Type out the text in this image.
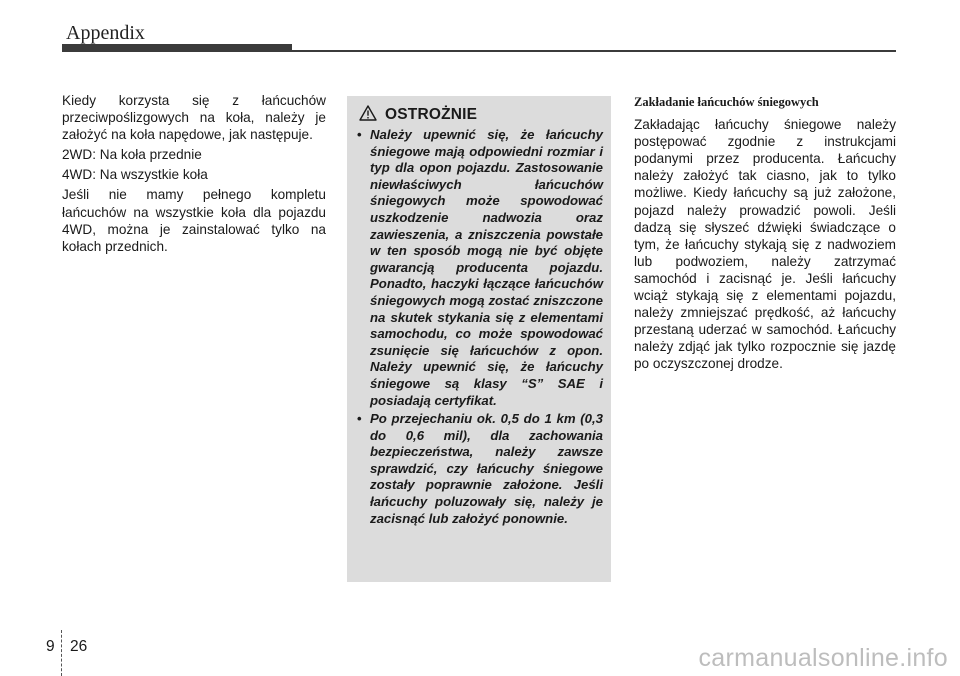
Appendix

Kiedy korzysta się z łańcuchów przeciwpoślizgowych na koła, należy je założyć na koła napędowe, jak następuje.

2WD: Na koła przednie

4WD: Na wszystkie koła

Jeśli nie mamy pełnego kompletu łańcuchów na wszystkie koła dla pojazdu 4WD, można je zainstalować tylko na kołach przednich.

OSTROŻNIE
• Należy upewnić się, że łańcuchy śniegowe mają odpowiedni rozmiar i typ dla opon pojazdu. Zastosowanie niewłaściwych łańcuchów śniegowych może spowodować uszkodzenie nadwozia oraz zawieszenia, a zniszczenia powstałe w ten sposób mogą nie być objęte gwarancją producenta pojazdu. Ponadto, haczyki łączące łańcuchów śniegowych mogą zostać zniszczone na skutek stykania się z elementami samochodu, co może spowodować zsunięcie się łańcuchów z opon. Należy upewnić się, że łańcuchy śniegowe są klasy “S” SAE i posiadają certyfikat.
• Po przejechaniu ok. 0,5 do 1 km (0,3 do 0,6 mil), dla zachowania bezpieczeństwa, należy zawsze sprawdzić, czy łańcuchy śniegowe zostały poprawnie założone. Jeśli łańcuchy poluzowały się, należy je zacisnąć lub założyć ponownie.
Zakładanie łańcuchów śniegowych

Zakładając łańcuchy śniegowe należy postępować zgodnie z instrukcjami podanymi przez producenta. Łańcuchy należy założyć tak ciasno, jak to tylko możliwe. Kiedy łańcuchy są już założone, pojazd należy prowadzić powoli. Jeśli dadzą się słyszeć dźwięki świadczące o tym, że łańcuchy stykają się z nadwoziem lub podwoziem, należy zatrzymać samochód i zacisnąć je. Jeśli łańcuchy wciąż stykają się z elementami pojazdu, należy zmniejszać prędkość, aż łańcuchy przestaną uderzać w samochód. Łańcuchy należy zdjąć jak tylko rozpocznie się jazdę po oczyszczonej drodze.

9 26	carmanualsonline.info
